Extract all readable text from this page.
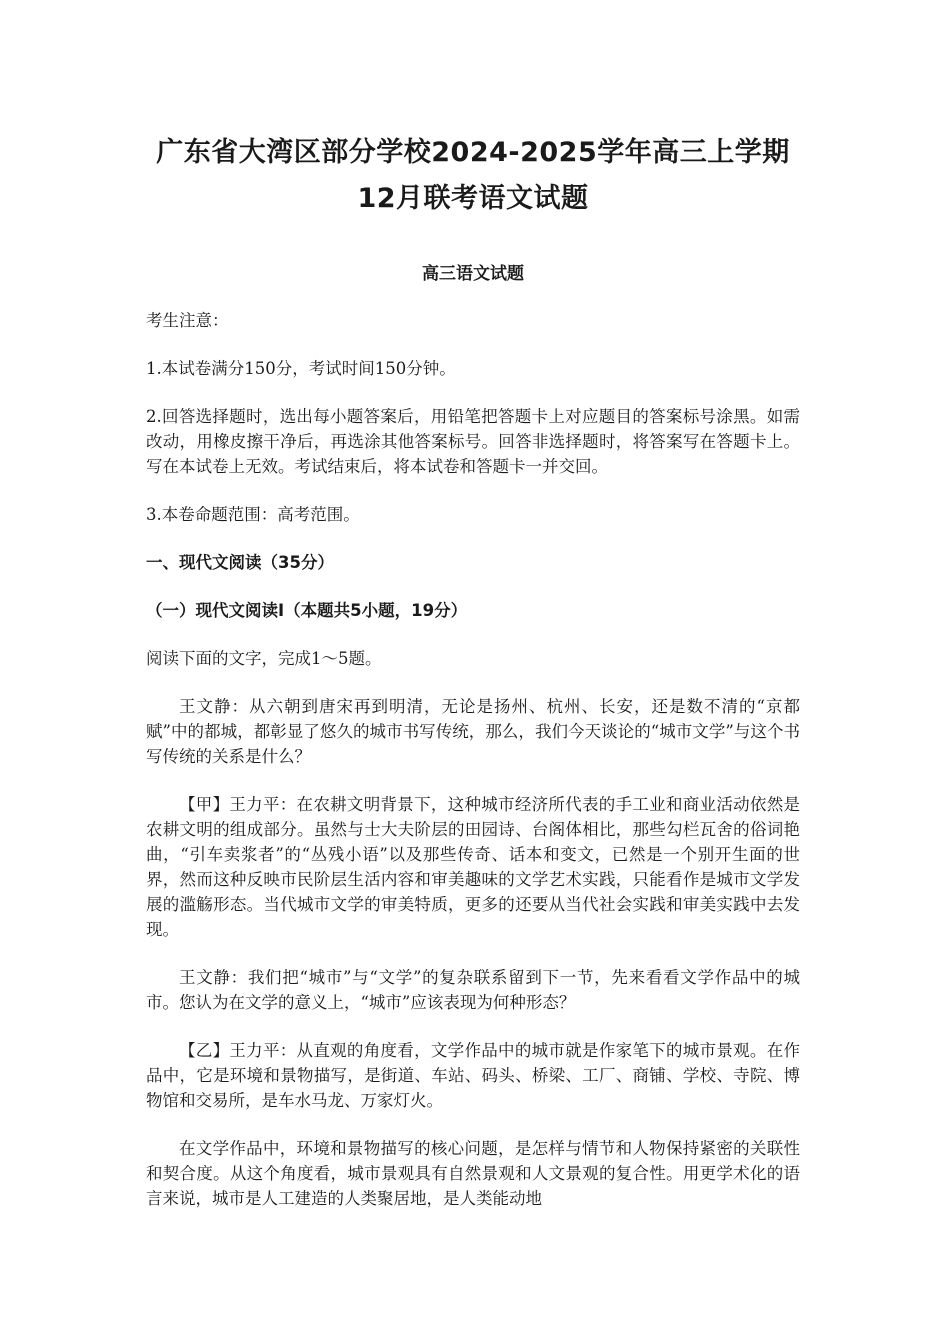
广东省大湾区部分学校2024-2025学年高三上学期12月联考语文试题
高三语文试题

考生注意：

1.本试卷满分150分，考试时间150分钟。

2.回答选择题时，选出每小题答案后，用铅笔把答题卡上对应题目的答案标号涂黑。如需改动，用橡皮擦干净后，再选涂其他答案标号。回答非选择题时，将答案写在答题卡上。写在本试卷上无效。考试结束后，将本试卷和答题卡一并交回。

3.本卷命题范围：高考范围。

一、现代文阅读（35分）

（一）现代文阅读Ⅰ（本题共5小题，19分）

阅读下面的文字，完成1～5题。

王文静：从六朝到唐宋再到明清，无论是扬州、杭州、长安，还是数不清的“京都赋”中的都城，都彰显了悠久的城市书写传统，那么，我们今天谈论的“城市文学”与这个书写传统的关系是什么？

【甲】王力平：在农耕文明背景下，这种城市经济所代表的手工业和商业活动依然是农耕文明的组成部分。虽然与士大夫阶层的田园诗、台阁体相比，那些勾栏瓦舍的俗词艳曲，“引车卖浆者”的“丛残小语”以及那些传奇、话本和变文，已然是一个别开生面的世界，然而这种反映市民阶层生活内容和审美趣味的文学艺术实践，只能看作是城市文学发展的滥觞形态。当代城市文学的审美特质，更多的还要从当代社会实践和审美实践中去发现。

王文静：我们把“城市”与“文学”的复杂联系留到下一节，先来看看文学作品中的城市。您认为在文学的意义上，“城市”应该表现为何种形态？

【乙】王力平：从直观的角度看，文学作品中的城市就是作家笔下的城市景观。在作品中，它是环境和景物描写，是街道、车站、码头、桥梁、工厂、商铺、学校、寺院、博物馆和交易所，是车水马龙、万家灯火。

在文学作品中，环境和景物描写的核心问题，是怎样与情节和人物保持紧密的关联性和契合度。从这个角度看，城市景观具有自然景观和人文景观的复合性。用更学术化的语言来说，城市是人工建造的人类聚居地，是人类能动地
